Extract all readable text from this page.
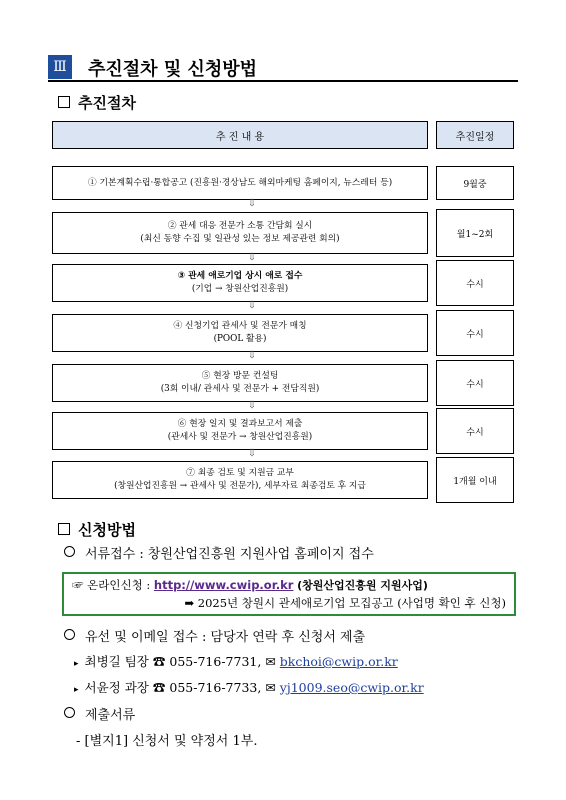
Ⅲ 추진절차 및 신청방법
추진절차
추 진 내 용	추진일정
① 기본계획수립·통합공고 (진흥원·경상남도 해외마케팅 홈페이지, 뉴스레터 등)	9월중
⇩
② 관세 대응 전문가 소통 간담회 실시
(최신 동향 수집 및 일관성 있는 정보 제공관련 회의)	월1~2회
⇩
③ 관세 애로기업 상시 애로 접수
(기업 → 창원산업진흥원)	수시
⇩
④ 신청기업 관세사 및 전문가 매칭
(POOL 활용)	수시
⇩
⑤ 현장 방문 컨설팅
(3회 이내/ 관세사 및 전문가 + 전담직원)	수시
⇩
⑥ 현장 일지 및 결과보고서 제출
(관세사 및 전문가 → 창원산업진흥원)	수시
⇩
⑦ 최종 검토 및 지원금 교부
(창원산업진흥원 → 관세사 및 전문가), 세부자료 최종검토 후 지급	1개월 이내
신청방법
서류접수 : 창원산업진흥원 지원사업 홈페이지 접수
☞ 온라인신청 : http://www.cwip.or.kr (창원산업진흥원 지원사업)
➡ 2025년 창원시 관세애로기업 모집공고 (사업명 확인 후 신청)
유선 및 이메일 접수 : 담당자 연락 후 신청서 제출
▸ 최병길 팀장 ☎ 055-716-7731, ✉ bkchoi@cwip.or.kr
▸ 서윤정 과장 ☎ 055-716-7733, ✉ yj1009.seo@cwip.or.kr
제출서류
- [별지1] 신청서 및 약정서 1부.
